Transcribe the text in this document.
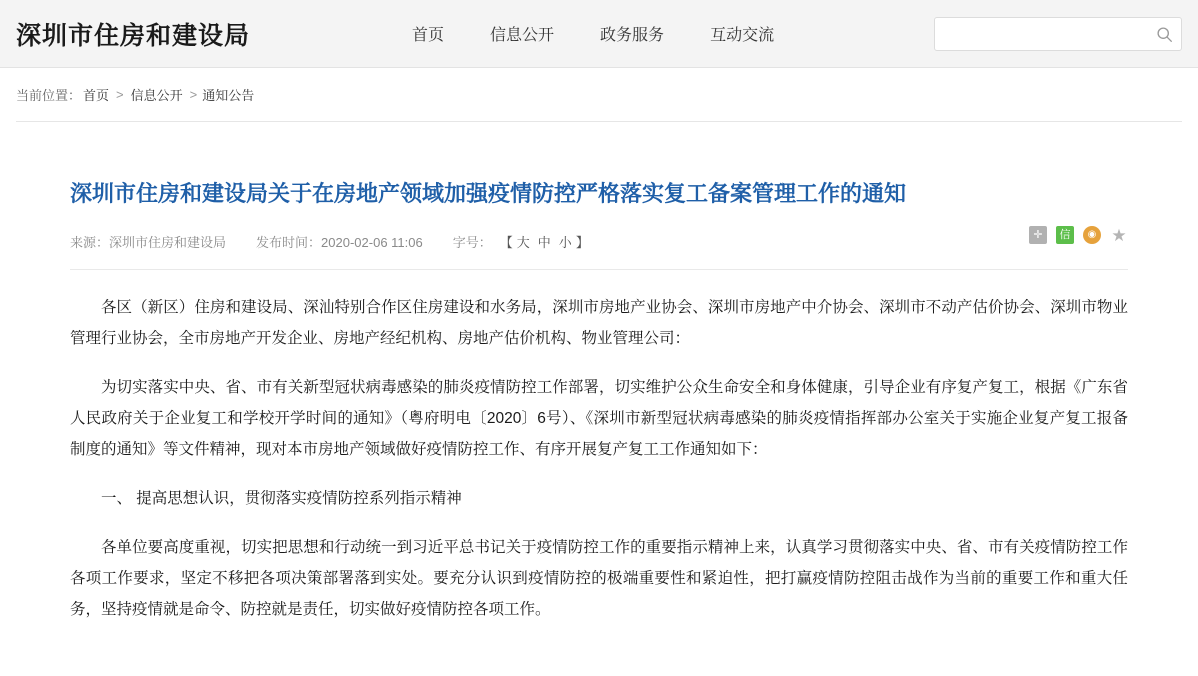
深圳市住房和建设局	首页	信息公开	政务服务	互动交流
当前位置： 首页 > 信息公开 > 通知公告
深圳市住房和建设局关于在房地产领域加强疫情防控严格落实复工备案管理工作的通知
来源：深圳市住房和建设局 发布时间：2020-02-06 11:06 字号： 【 大 中 小 】
✛	信	◉ ★

各区（新区）住房和建设局、深汕特别合作区住房建设和水务局，深圳市房地产业协会、深圳市房地产中介协会、深圳市不动产估价协会、深圳市物业管理行业协会，全市房地产开发企业、房地产经纪机构、房地产估价机构、物业管理公司：

为切实落实中央、省、市有关新型冠状病毒感染的肺炎疫情防控工作部署，切实维护公众生命安全和身体健康，引导企业有序复产复工，根据《广东省人民政府关于企业复工和学校开学时间的通知》（粤府明电〔2020〕6号）、《深圳市新型冠状病毒感染的肺炎疫情指挥部办公室关于实施企业复产复工报备制度的通知》等文件精神，现对本市房地产领域做好疫情防控工作、有序开展复产复工工作通知如下：

一、 提高思想认识，贯彻落实疫情防控系列指示精神

各单位要高度重视，切实把思想和行动统一到习近平总书记关于疫情防控工作的重要指示精神上来，认真学习贯彻落实中央、省、市有关疫情防控工作各项工作要求，坚定不移把各项决策部署落到实处。要充分认识到疫情防控的极端重要性和紧迫性，把打赢疫情防控阻击战作为当前的重要工作和重大任务，坚持疫情就是命令、防控就是责任，切实做好疫情防控各项工作。
